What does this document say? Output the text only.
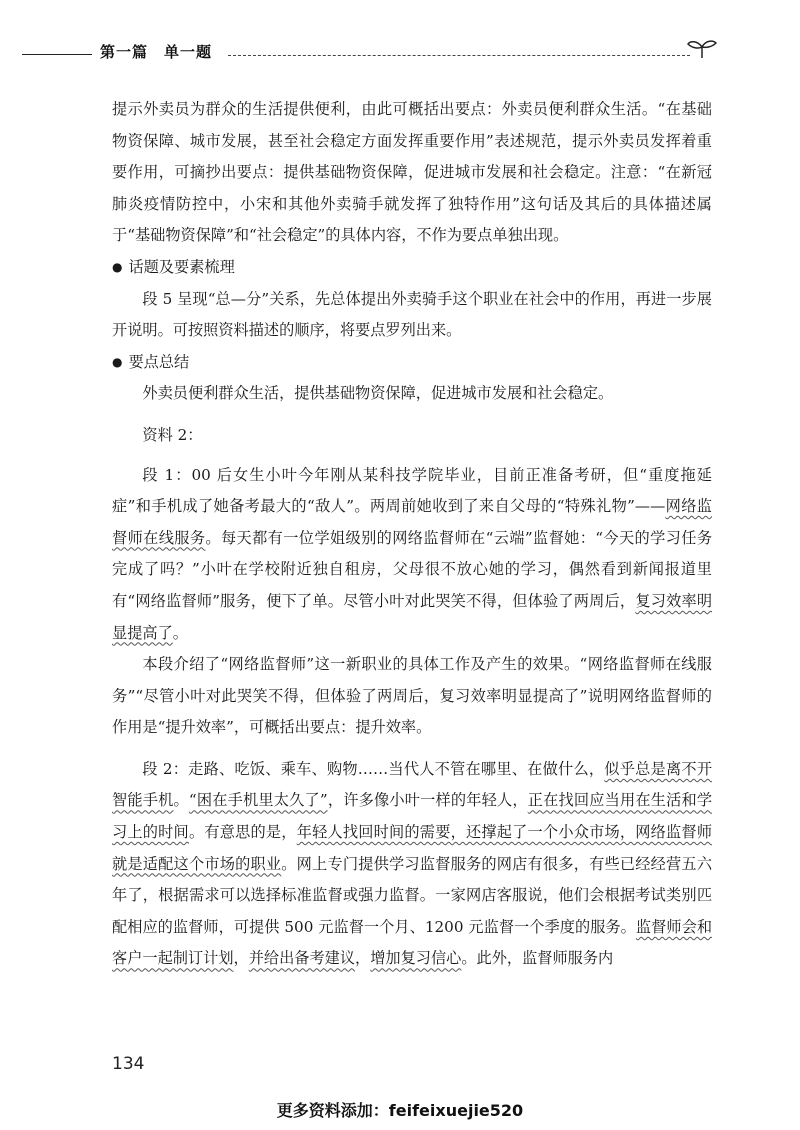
第一篇　单一题

提示外卖员为群众的生活提供便利，由此可概括出要点：外卖员便利群众生活。“在基础物资保障、城市发展，甚至社会稳定方面发挥重要作用”表述规范，提示外卖员发挥着重要作用，可摘抄出要点：提供基础物资保障，促进城市发展和社会稳定。注意：“在新冠肺炎疫情防控中，小宋和其他外卖骑手就发挥了独特作用”这句话及其后的具体描述属于“基础物资保障”和“社会稳定”的具体内容，不作为要点单独出现。

● 话题及要素梳理

段 5 呈现“总—分”关系，先总体提出外卖骑手这个职业在社会中的作用，再进一步展开说明。可按照资料描述的顺序，将要点罗列出来。

● 要点总结

外卖员便利群众生活，提供基础物资保障，促进城市发展和社会稳定。

资料 2：

段 1：00 后女生小叶今年刚从某科技学院毕业，目前正准备考研，但“重度拖延症”和手机成了她备考最大的“敌人”。两周前她收到了来自父母的“特殊礼物”——网络监督师在线服务。每天都有一位学姐级别的网络监督师在“云端”监督她：“今天的学习任务完成了吗？”小叶在学校附近独自租房，父母很不放心她的学习，偶然看到新闻报道里有“网络监督师”服务，便下了单。尽管小叶对此哭笑不得，但体验了两周后，复习效率明显提高了。

本段介绍了“网络监督师”这一新职业的具体工作及产生的效果。“网络监督师在线服务”“尽管小叶对此哭笑不得，但体验了两周后，复习效率明显提高了”说明网络监督师的作用是“提升效率”，可概括出要点：提升效率。

段 2：走路、吃饭、乘车、购物……当代人不管在哪里、在做什么，似乎总是离不开智能手机。“困在手机里太久了”，许多像小叶一样的年轻人，正在找回应当用在生活和学习上的时间。有意思的是，年轻人找回时间的需要，还撑起了一个小众市场，网络监督师就是适配这个市场的职业。网上专门提供学习监督服务的网店有很多，有些已经经营五六年了，根据需求可以选择标准监督或强力监督。一家网店客服说，他们会根据考试类别匹配相应的监督师，可提供 500 元监督一个月、1200 元监督一个季度的服务。监督师会和客户一起制订计划，并给出备考建议，增加复习信心。此外，监督师服务内

134
更多资料添加：feifeixuejie520
